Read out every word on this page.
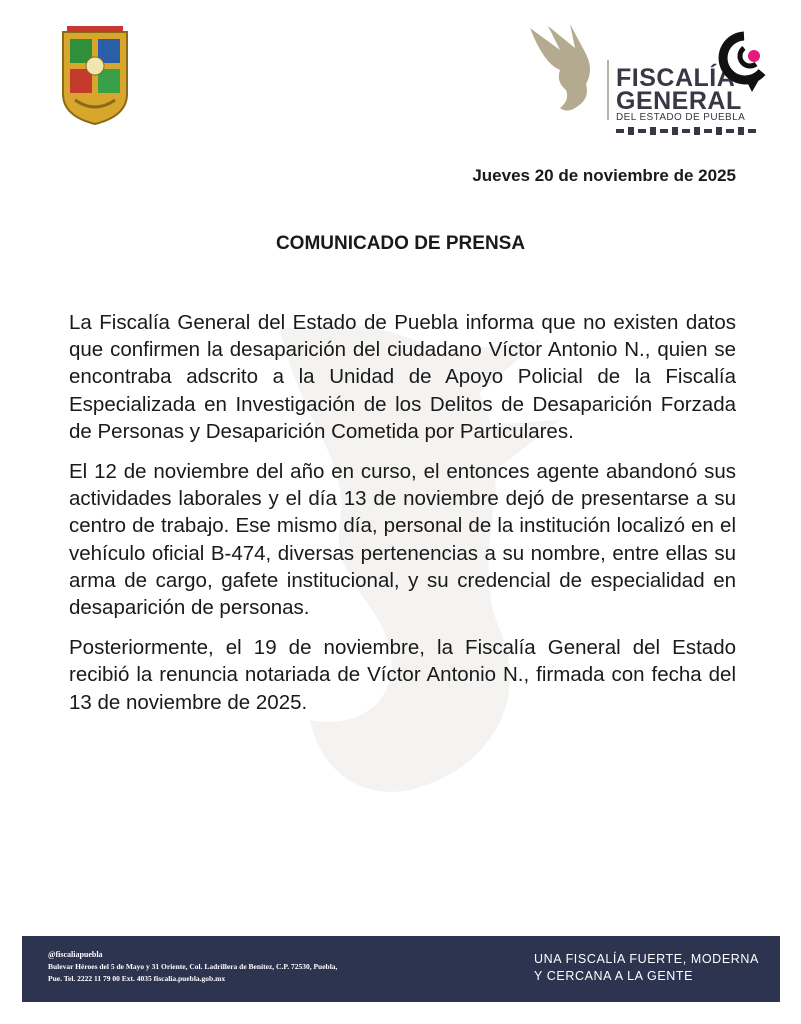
FISCALÍA
GENERAL
DEL ESTADO DE PUEBLA
Jueves 20 de noviembre de 2025
COMUNICADO DE PRENSA

La Fiscalía General del Estado de Puebla informa que no existen datos que confirmen la desaparición del ciudadano Víctor Antonio N., quien se encontraba adscrito a la Unidad de Apoyo Policial de la Fiscalía Especializada en Investigación de los Delitos de Desaparición Forzada de Personas y Desaparición Cometida por Particulares.

El 12 de noviembre del año en curso, el entonces agente abandonó sus actividades laborales y el día 13 de noviembre dejó de presentarse a su centro de trabajo. Ese mismo día, personal de la institución localizó en el vehículo oficial B-474, diversas pertenencias a su nombre, entre ellas su arma de cargo, gafete institucional, y su credencial de especialidad en desaparición de personas.

Posteriormente, el 19 de noviembre, la Fiscalía General del Estado recibió la renuncia notariada de Víctor Antonio N., firmada con fecha del 13 de noviembre de 2025.

@fiscaliapuebla
Bulevar Héroes del 5 de Mayo y 31 Oriente, Col. Ladrillera de Benítez, C.P. 72530, Puebla,
Pue. Tel. 2222 11 79 00 Ext. 4035 fiscalia.puebla.gob.mx
UNA FISCALÍA FUERTE, MODERNA
Y CERCANA A LA GENTE
